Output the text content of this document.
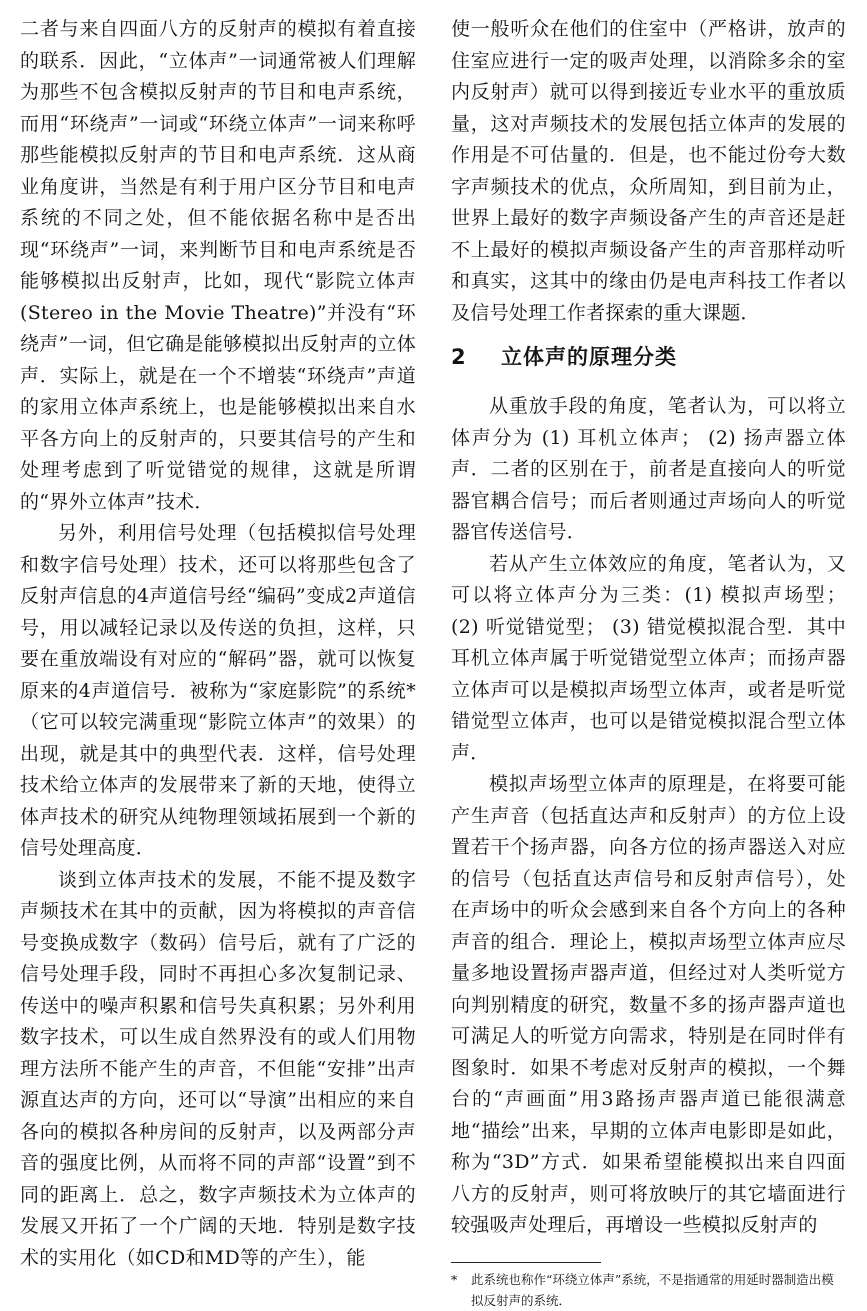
二者与来自四面八方的反射声的模拟有着直接的联系．因此，“立体声”一词通常被人们理解为那些不包含模拟反射声的节目和电声系统，而用“环绕声”一词或“环绕立体声”一词来称呼那些能模拟反射声的节目和电声系统．这从商业角度讲，当然是有利于用户区分节目和电声系统的不同之处，但不能依据名称中是否出现“环绕声”一词，来判断节目和电声系统是否能够模拟出反射声，比如，现代“影院立体声 (Stereo in the Movie Theatre)”并没有“环绕声”一词，但它确是能够模拟出反射声的立体声．实际上，就是在一个不增装“环绕声”声道的家用立体声系统上，也是能够模拟出来自水平各方向上的反射声的，只要其信号的产生和处理考虑到了听觉错觉的规律，这就是所谓的“界外立体声”技术．

另外，利用信号处理（包括模拟信号处理和数字信号处理）技术，还可以将那些包含了反射声信息的4声道信号经“编码”变成2声道信号，用以减轻记录以及传送的负担，这样，只要在重放端设有对应的“解码”器，就可以恢复原来的4声道信号．被称为“家庭影院”的系统*（它可以较完满重现“影院立体声”的效果）的出现，就是其中的典型代表．这样，信号处理技术给立体声的发展带来了新的天地，使得立体声技术的研究从纯物理领域拓展到一个新的信号处理高度．

谈到立体声技术的发展，不能不提及数字声频技术在其中的贡献，因为将模拟的声音信号变换成数字（数码）信号后，就有了广泛的信号处理手段，同时不再担心多次复制记录、传送中的噪声积累和信号失真积累；另外利用数字技术，可以生成自然界没有的或人们用物理方法所不能产生的声音，不但能“安排”出声源直达声的方向，还可以“导演”出相应的来自各向的模拟各种房间的反射声，以及两部分声音的强度比例，从而将不同的声部“设置”到不同的距离上．总之，数字声频技术为立体声的发展又开拓了一个广阔的天地．特别是数字技术的实用化（如CD和MD等的产生），能

使一般听众在他们的住室中（严格讲，放声的住室应进行一定的吸声处理，以消除多余的室内反射声）就可以得到接近专业水平的重放质量，这对声频技术的发展包括立体声的发展的作用是不可估量的．但是，也不能过份夸大数字声频技术的优点，众所周知，到目前为止，世界上最好的数字声频设备产生的声音还是赶不上最好的模拟声频设备产生的声音那样动听和真实，这其中的缘由仍是电声科技工作者以及信号处理工作者探索的重大课题．

2 立体声的原理分类

从重放手段的角度，笔者认为，可以将立体声分为 (1) 耳机立体声； (2) 扬声器立体声．二者的区别在于，前者是直接向人的听觉器官耦合信号；而后者则通过声场向人的听觉器官传送信号．

若从产生立体效应的角度，笔者认为，又可以将立体声分为三类：(1) 模拟声场型； (2) 听觉错觉型； (3) 错觉模拟混合型．其中耳机立体声属于听觉错觉型立体声；而扬声器立体声可以是模拟声场型立体声，或者是听觉错觉型立体声，也可以是错觉模拟混合型立体声．

模拟声场型立体声的原理是，在将要可能产生声音（包括直达声和反射声）的方位上设置若干个扬声器，向各方位的扬声器送入对应的信号（包括直达声信号和反射声信号），处在声场中的听众会感到来自各个方向上的各种声音的组合．理论上，模拟声场型立体声应尽量多地设置扬声器声道，但经过对人类听觉方向判别精度的研究，数量不多的扬声器声道也可满足人的听觉方向需求，特别是在同时伴有图象时．如果不考虑对反射声的模拟，一个舞台的“声画面”用3路扬声器声道已能很满意地“描绘”出来，早期的立体声电影即是如此，称为“3D”方式．如果希望能模拟出来自四面八方的反射声，则可将放映厅的其它墙面进行较强吸声处理后，再增设一些模拟反射声的

* 此系统也称作“环绕立体声”系统，不是指通常的用延时器制造出模拟反射声的系统．
